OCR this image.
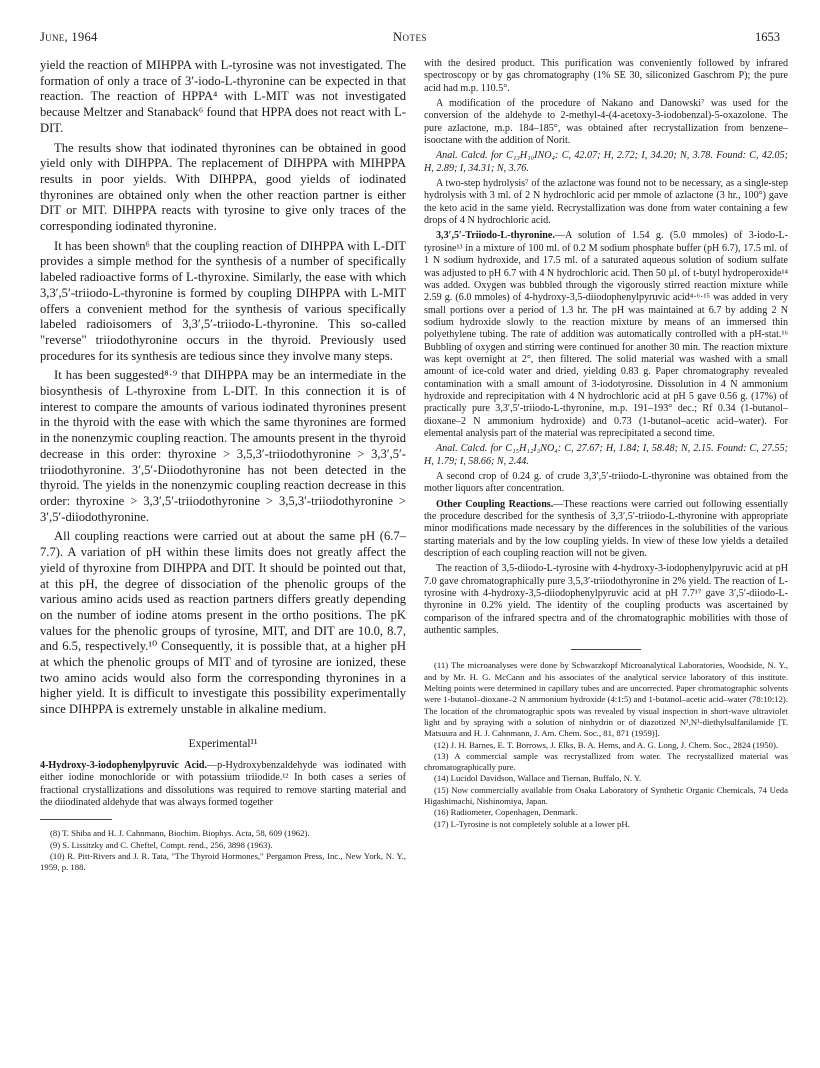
June, 1964	Notes	1653

yield the reaction of MIHPPA with L-tyrosine was not investigated. The formation of only a trace of 3′-iodo-L-thyronine can be expected in that reaction. The reaction of HPPA⁴ with L-MIT was not investigated because Meltzer and Stanaback⁶ found that HPPA does not react with L-DIT.

The results show that iodinated thyronines can be obtained in good yield only with DIHPPA. The replacement of DIHPPA with MIHPPA results in poor yields. With DIHPPA, good yields of iodinated thyronines are obtained only when the other reaction partner is either DIT or MIT. DIHPPA reacts with tyrosine to give only traces of the corresponding iodinated thyronine.

It has been shown⁶ that the coupling reaction of DIHPPA with L-DIT provides a simple method for the synthesis of a number of specifically labeled radioactive forms of L-thyroxine. Similarly, the ease with which 3,3′,5′-triiodo-L-thyronine is formed by coupling DIHPPA with L-MIT offers a convenient method for the synthesis of various specifically labeled radioisomers of 3,3′,5′-triiodo-L-thyronine. This so-called "reverse" triiodothyronine occurs in the thyroid. Previously used procedures for its synthesis are tedious since they involve many steps.

It has been suggested⁸·⁹ that DIHPPA may be an intermediate in the biosynthesis of L-thyroxine from L-DIT. In this connection it is of interest to compare the amounts of various iodinated thyronines present in the thyroid with the ease with which the same thyronines are formed in the nonenzymic coupling reaction. The amounts present in the thyroid decrease in this order: thyroxine > 3,5,3′-triiodothyronine > 3,3′,5′-triiodothyronine. 3′,5′-Diiodothyronine has not been detected in the thyroid. The yields in the nonenzymic coupling reaction decrease in this order: thyroxine > 3,3′,5′-triiodothyronine > 3,5,3′-triiodothyronine > 3′,5′-diiodothyronine.

All coupling reactions were carried out at about the same pH (6.7–7.7). A variation of pH within these limits does not greatly affect the yield of thyroxine from DIHPPA and DIT. It should be pointed out that, at this pH, the degree of dissociation of the phenolic groups of the various amino acids used as reaction partners differs greatly depending on the number of iodine atoms present in the ortho positions. The pK values for the phenolic groups of tyrosine, MIT, and DIT are 10.0, 8.7, and 6.5, respectively.¹⁰ Consequently, it is possible that, at a higher pH at which the phenolic groups of MIT and of tyrosine are ionized, these two amino acids would also form the corresponding thyronines in a higher yield. It is difficult to investigate this possibility experimentally since DIHPPA is extremely unstable in alkaline medium.

Experimental¹¹

4-Hydroxy-3-iodophenylpyruvic Acid.—p-Hydroxybenzaldehyde was iodinated with either iodine monochloride or with potassium triiodide.¹² In both cases a series of fractional crystallizations and dissolutions was required to remove starting material and the diiodinated aldehyde that was always formed together

(8) T. Shiba and H. J. Cahnmann, Biochim. Biophys. Acta, 58, 609 (1962).

(9) S. Lissitzky and C. Cheftel, Compt. rend., 256, 3898 (1963).

(10) R. Pitt-Rivers and J. R. Tata, "The Thyroid Hormones," Pergamon Press, Inc., New York, N. Y., 1959, p. 188.

with the desired product. This purification was conveniently followed by infrared spectroscopy or by gas chromatography (1% SE 30, siliconized Gaschrom P); the pure acid had m.p. 110.5°.

A modification of the procedure of Nakano and Danowski⁷ was used for the conversion of the aldehyde to 2-methyl-4-(4-acetoxy-3-iodobenzal)-5-oxazolone. The pure azlactone, m.p. 184–185°, was obtained after recrystallization from benzene–isooctane with the addition of Norit.

Anal. Calcd. for C₁₃H₁₀INO₄: C, 42.07; H, 2.72; I, 34.20; N, 3.78. Found: C, 42.05; H, 2.89; I, 34.31; N, 3.76.

A two-step hydrolysis⁷ of the azlactone was found not to be necessary, as a single-step hydrolysis with 3 ml. of 2 N hydrochloric acid per mmole of azlactone (3 hr., 100°) gave the keto acid in the same yield. Recrystallization was done from water containing a few drops of 4 N hydrochloric acid.

3,3′,5′-Triiodo-L-thyronine.—A solution of 1.54 g. (5.0 mmoles) of 3-iodo-L-tyrosine¹³ in a mixture of 100 ml. of 0.2 M sodium phosphate buffer (pH 6.7), 17.5 ml. of 1 N sodium hydroxide, and 17.5 ml. of a saturated aqueous solution of sodium sulfate was adjusted to pH 6.7 with 4 N hydrochloric acid. Then 50 µl. of t-butyl hydroperoxide¹⁴ was added. Oxygen was bubbled through the vigorously stirred reaction mixture while 2.59 g. (6.0 mmoles) of 4-hydroxy-3,5-diiodophenylpyruvic acid⁴·⁶·¹⁵ was added in very small portions over a period of 1.3 hr. The pH was maintained at 6.7 by adding 2 N sodium hydroxide slowly to the reaction mixture by means of an immersed thin polyethylene tubing. The rate of addition was automatically controlled with a pH-stat.¹⁶ Bubbling of oxygen and stirring were continued for another 30 min. The reaction mixture was kept overnight at 2°, then filtered. The solid material was washed with a small amount of ice-cold water and dried, yielding 0.83 g. Paper chromatography revealed contamination with a small amount of 3-iodotyrosine. Dissolution in 4 N ammonium hydroxide and reprecipitation with 4 N hydrochloric acid at pH 5 gave 0.56 g. (17%) of practically pure 3,3′,5′-triiodo-L-thyronine, m.p. 191–193° dec.; Rf 0.34 (1-butanol–dioxane–2 N ammonium hydroxide) and 0.73 (1-butanol–acetic acid–water). For elemental analysis part of the material was reprecipitated a second time.

Anal. Calcd. for C₁₅H₁₂I₃NO₄: C, 27.67; H, 1.84; I, 58.48; N, 2.15. Found: C, 27.55; H, 1.79; I, 58.66; N, 2.44.

A second crop of 0.24 g. of crude 3,3′,5′-triiodo-L-thyronine was obtained from the mother liquors after concentration.

Other Coupling Reactions.—These reactions were carried out following essentially the procedure described for the synthesis of 3,3′,5′-triiodo-L-thyronine with appropriate minor modifications made necessary by the differences in the solubilities of the various starting materials and by the low coupling yields. In view of these low yields a detailed description of each coupling reaction will not be given.

The reaction of 3,5-diiodo-L-tyrosine with 4-hydroxy-3-iodophenylpyruvic acid at pH 7.0 gave chromatographically pure 3,5,3′-triiodothyronine in 2% yield. The reaction of L-tyrosine with 4-hydroxy-3,5-diiodophenylpyruvic acid at pH 7.7¹⁷ gave 3′,5′-diiodo-L-thyronine in 0.2% yield. The identity of the coupling products was ascertained by comparison of the infrared spectra and of the chromatographic mobilities with those of authentic samples.

(11) The microanalyses were done by Schwarzkopf Microanalytical Laboratories, Woodside, N. Y., and by Mr. H. G. McCann and his associates of the analytical service laboratory of this institute. Melting points were determined in capillary tubes and are uncorrected. Paper chromatographic solvents were 1-butanol–dioxane–2 N ammonium hydroxide (4:1:5) and 1-butanol–acetic acid–water (78:10:12). The location of the chromatographic spots was revealed by visual inspection in short-wave ultraviolet light and by spraying with a solution of ninhydrin or of diazotized N¹,N¹-diethylsulfanilamide [T. Matsuura and H. J. Cahnmann, J. Am. Chem. Soc., 81, 871 (1959)].

(12) J. H. Barnes, E. T. Borrows, J. Elks, B. A. Hems, and A. G. Long, J. Chem. Soc., 2824 (1950).

(13) A commercial sample was recrystallized from water. The recrystallized material was chromatographically pure.

(14) Lucidol Davidson, Wallace and Tiernan, Buffalo, N. Y.

(15) Now commercially available from Osaka Laboratory of Synthetic Organic Chemicals, 74 Ueda Higashimachi, Nishinomiya, Japan.

(16) Radiometer, Copenhagen, Denmark.

(17) L-Tyrosine is not completely soluble at a lower pH.
